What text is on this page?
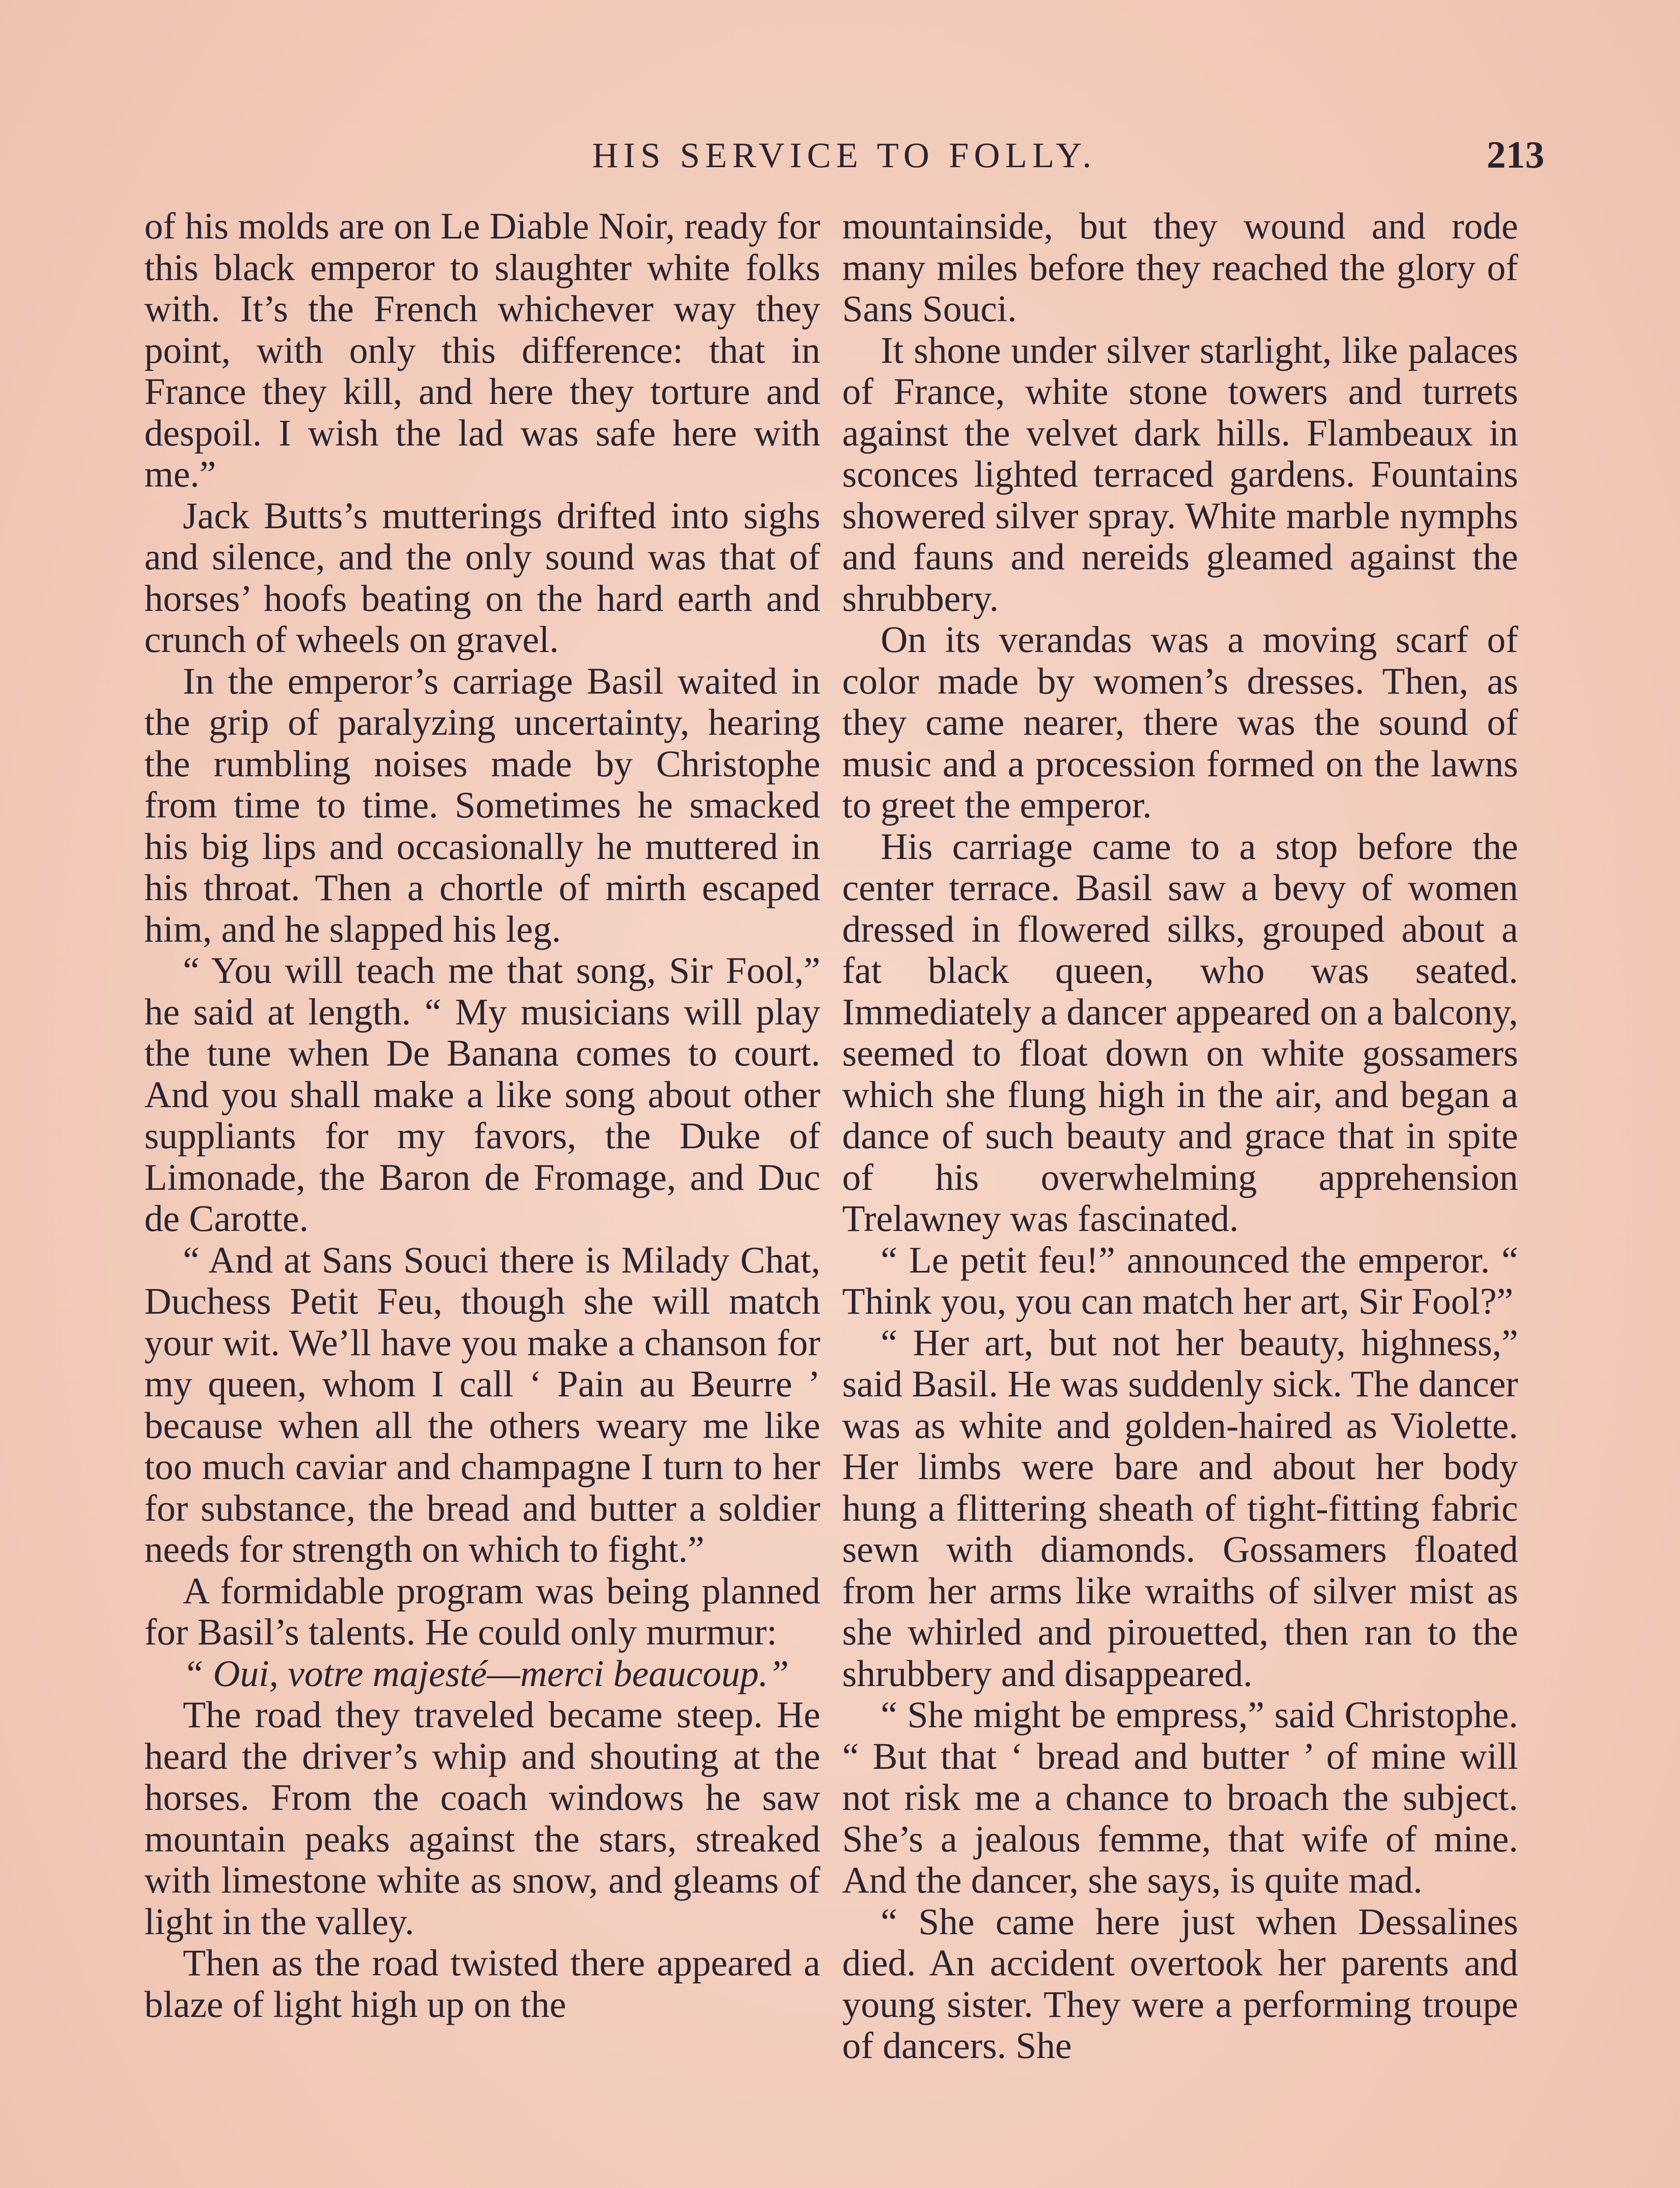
HIS SERVICE TO FOLLY.	213

of his molds are on Le Diable Noir, ready for this black emperor to slaughter white folks with. It’s the French whichever way they point, with only this difference: that in France they kill, and here they torture and despoil. I wish the lad was safe here with me.”

Jack Butts’s mutterings drifted into sighs and silence, and the only sound was that of horses’ hoofs beating on the hard earth and crunch of wheels on gravel.

In the emperor’s carriage Basil waited in the grip of paralyzing uncertainty, hearing the rumbling noises made by Christophe from time to time. Sometimes he smacked his big lips and occasionally he muttered in his throat. Then a chortle of mirth escaped him, and he slapped his leg.

“ You will teach me that song, Sir Fool,” he said at length. “ My musicians will play the tune when De Banana comes to court. And you shall make a like song about other suppliants for my favors, the Duke of Limonade, the Baron de Fromage, and Duc de Carotte.

“ And at Sans Souci there is Milady Chat, Duchess Petit Feu, though she will match your wit. We’ll have you make a chanson for my queen, whom I call ‘ Pain au Beurre ’ because when all the others weary me like too much caviar and champagne I turn to her for substance, the bread and butter a soldier needs for strength on which to fight.”

A formidable program was being planned for Basil’s talents. He could only murmur:

“ Oui, votre majesté—merci beaucoup.”

The road they traveled became steep. He heard the driver’s whip and shouting at the horses. From the coach windows he saw mountain peaks against the stars, streaked with limestone white as snow, and gleams of light in the valley.

Then as the road twisted there appeared a blaze of light high up on the

mountainside, but they wound and rode many miles before they reached the glory of Sans Souci.

It shone under silver starlight, like palaces of France, white stone towers and turrets against the velvet dark hills. Flambeaux in sconces lighted terraced gardens. Fountains showered silver spray. White marble nymphs and fauns and nereids gleamed against the shrubbery.

On its verandas was a moving scarf of color made by women’s dresses. Then, as they came nearer, there was the sound of music and a procession formed on the lawns to greet the emperor.

His carriage came to a stop before the center terrace. Basil saw a bevy of women dressed in flowered silks, grouped about a fat black queen, who was seated. Immediately a dancer appeared on a balcony, seemed to float down on white gossamers which she flung high in the air, and began a dance of such beauty and grace that in spite of his overwhelming apprehension Trelawney was fascinated.

“ Le petit feu!” announced the emperor. “ Think you, you can match her art, Sir Fool?”

“ Her art, but not her beauty, highness,” said Basil. He was suddenly sick. The dancer was as white and golden-haired as Violette. Her limbs were bare and about her body hung a flittering sheath of tight-fitting fabric sewn with diamonds. Gossamers floated from her arms like wraiths of silver mist as she whirled and pirouetted, then ran to the shrubbery and disappeared.

“ She might be empress,” said Christophe. “ But that ‘ bread and butter ’ of mine will not risk me a chance to broach the subject. She’s a jealous femme, that wife of mine. And the dancer, she says, is quite mad.

“ She came here just when Dessalines died. An accident overtook her parents and young sister. They were a performing troupe of dancers. She
